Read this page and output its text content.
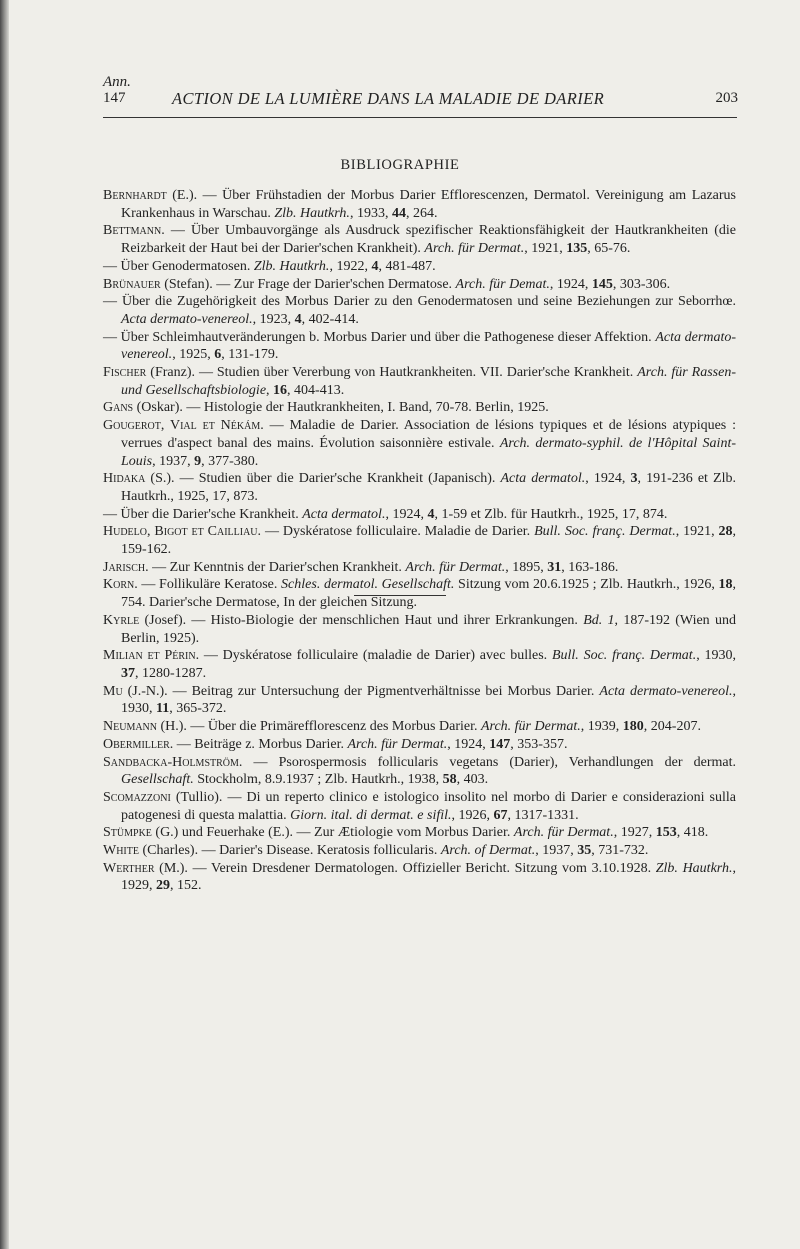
Ann.
147	ACTION DE LA LUMIÈRE DANS LA MALADIE DE DARIER	203
BIBLIOGRAPHIE

Bernhardt (E.). — Über Frühstadien der Morbus Darier Efflorescenzen, Dermatol. Vereinigung am Lazarus Krankenhaus in Warschau. Zlb. Hautkrh., 1933, 44, 264.

Bettmann. — Über Umbauvorgänge als Ausdruck spezifischer Reaktionsfähigkeit der Hautkrankheiten (die Reizbarkeit der Haut bei der Darier'schen Krankheit). Arch. für Dermat., 1921, 135, 65-76.

— Über Genodermatosen. Zlb. Hautkrh., 1922, 4, 481-487.

Brünauer (Stefan). — Zur Frage der Darier'schen Dermatose. Arch. für Demat., 1924, 145, 303-306.

— Über die Zugehörigkeit des Morbus Darier zu den Genodermatosen und seine Beziehungen zur Seborrhœ. Acta dermato-venereol., 1923, 4, 402-414.

— Über Schleimhautveränderungen b. Morbus Darier und über die Pathogenese dieser Affektion. Acta dermato-venereol., 1925, 6, 131-179.

Fischer (Franz). — Studien über Vererbung von Hautkrankheiten. VII. Darier'sche Krankheit. Arch. für Rassen-und Gesellschaftsbiologie, 16, 404-413.

Gans (Oskar). — Histologie der Hautkrankheiten, I. Band, 70-78. Berlin, 1925.

Gougerot, Vial et Nékám. — Maladie de Darier. Association de lésions typiques et de lésions atypiques : verrues d'aspect banal des mains. Évolution saisonnière estivale. Arch. dermato-syphil. de l'Hôpital Saint-Louis, 1937, 9, 377-380.

Hidaka (S.). — Studien über die Darier'sche Krankheit (Japanisch). Acta dermatol., 1924, 3, 191-236 et Zlb. Hautkrh., 1925, 17, 873.

— Über die Darier'sche Krankheit. Acta dermatol., 1924, 4, 1-59 et Zlb. für Hautkrh., 1925, 17, 874.

Hudelo, Bigot et Cailliau. — Dyskératose folliculaire. Maladie de Darier. Bull. Soc. franç. Dermat., 1921, 28, 159-162.

Jarisch. — Zur Kenntnis der Darier'schen Krankheit. Arch. für Dermat., 1895, 31, 163-186.

Korn. — Follikuläre Keratose. Schles. dermatol. Gesellschaft. Sitzung vom 20.6.1925 ; Zlb. Hautkrh., 1926, 18, 754. Darier'sche Dermatose, In der gleichen Sitzung.

Kyrle (Josef). — Histo-Biologie der menschlichen Haut und ihrer Erkrankungen. Bd. 1, 187-192 (Wien und Berlin, 1925).

Milian et Périn. — Dyskératose folliculaire (maladie de Darier) avec bulles. Bull. Soc. franç. Dermat., 1930, 37, 1280-1287.

Mu (J.-N.). — Beitrag zur Untersuchung der Pigmentverhältnisse bei Morbus Darier. Acta dermato-venereol., 1930, 11, 365-372.

Neumann (H.). — Über die Primärefflorescenz des Morbus Darier. Arch. für Dermat., 1939, 180, 204-207.

Obermiller. — Beiträge z. Morbus Darier. Arch. für Dermat., 1924, 147, 353-357.

Sandbacka-Holmström. — Psorospermosis follicularis vegetans (Darier), Verhandlungen der dermat. Gesellschaft. Stockholm, 8.9.1937 ; Zlb. Hautkrh., 1938, 58, 403.

Scomazzoni (Tullio). — Di un reperto clinico e istologico insolito nel morbo di Darier e considerazioni sulla patogenesi di questa malattia. Giorn. ital. di dermat. e sifil., 1926, 67, 1317-1331.

Stümpke (G.) und Feuerhake (E.). — Zur Ætiologie vom Morbus Darier. Arch. für Dermat., 1927, 153, 418.

White (Charles). — Darier's Disease. Keratosis follicularis. Arch. of Dermat., 1937, 35, 731-732.

Werther (M.). — Verein Dresdener Dermatologen. Offizieller Bericht. Sitzung vom 3.10.1928. Zlb. Hautkrh., 1929, 29, 152.
